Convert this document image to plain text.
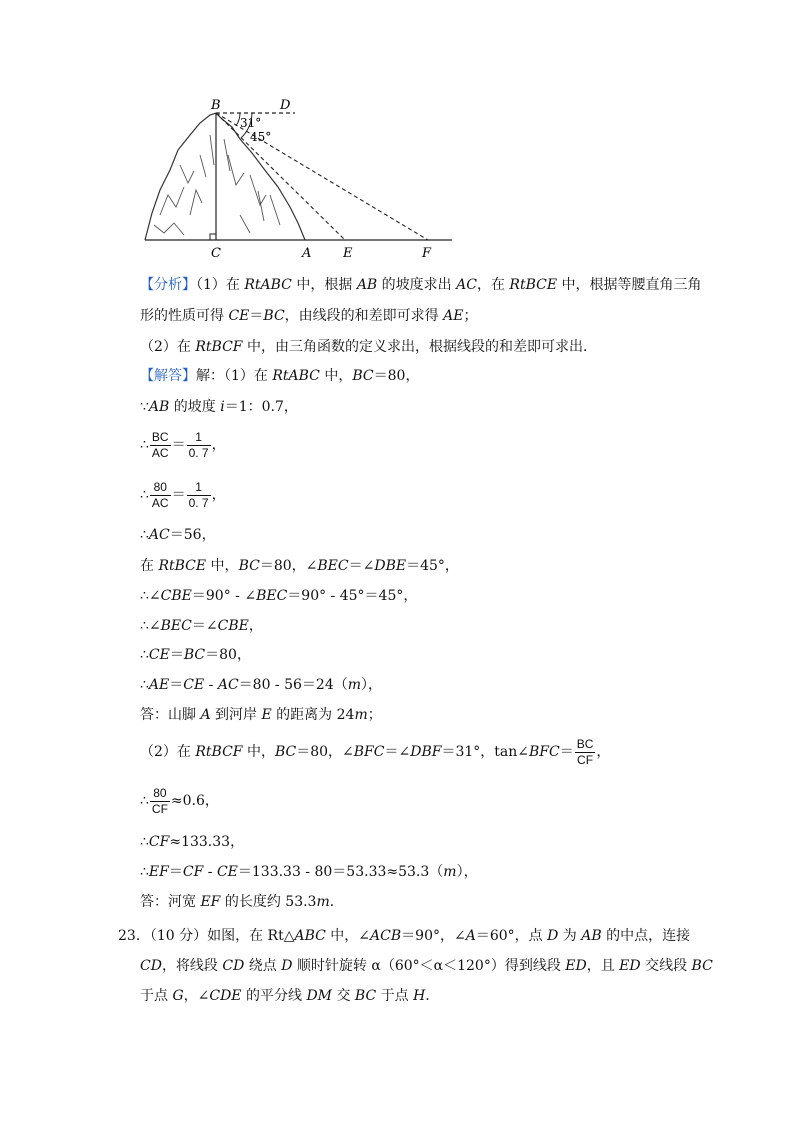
B	D
31°
45°
C	A E	F
【分析】（1）在 RtABC 中，根据 AB 的坡度求出 AC，在 RtBCE 中，根据等腰直角三角
形的性质可得 CE＝BC，由线段的和差即可求得 AE；
（2）在 RtBCF 中，由三角函数的定义求出，根据线段的和差即可求出．
【解答】解：（1）在 RtABC 中，BC＝80，
∵AB 的坡度 i＝1：0.7，
∴ $\frac{BC}{AC} = \frac{1}{0. 7}$ ，
∴ $\frac{80}{AC} = \frac{1}{0. 7}$ ，
∴AC＝56，
在 RtBCE 中，BC＝80，∠BEC＝∠DBE＝45°，
∴∠CBE＝90° - ∠BEC＝90° - 45°＝45°，
∴∠BEC＝∠CBE，
∴CE＝BC＝80，
∴AE＝CE - AC＝80 - 56＝24（m），
答：山脚 A 到河岸 E 的距离为 24m；
（2）在 RtBCF 中，BC＝80，∠BFC＝∠DBF＝31°，tan∠BFC＝ $\frac{BC}{CF}$ ，
∴ $\frac{80}{CF} \approx 0.6$，
∴CF≈133.33，
∴EF＝CF - CE＝133.33 - 80＝53.33≈53.3（m），
答：河宽 EF 的长度约 53.3m．
23．（10 分）如图，在 Rt△ABC 中，∠ACB＝90°，∠A＝60°，点 D 为 AB 的中点，连接
CD，将线段 CD 绕点 D 顺时针旋转 α（60°＜α＜120°）得到线段 ED，且 ED 交线段 BC
于点 G，∠CDE 的平分线 DM 交 BC 于点 H.
